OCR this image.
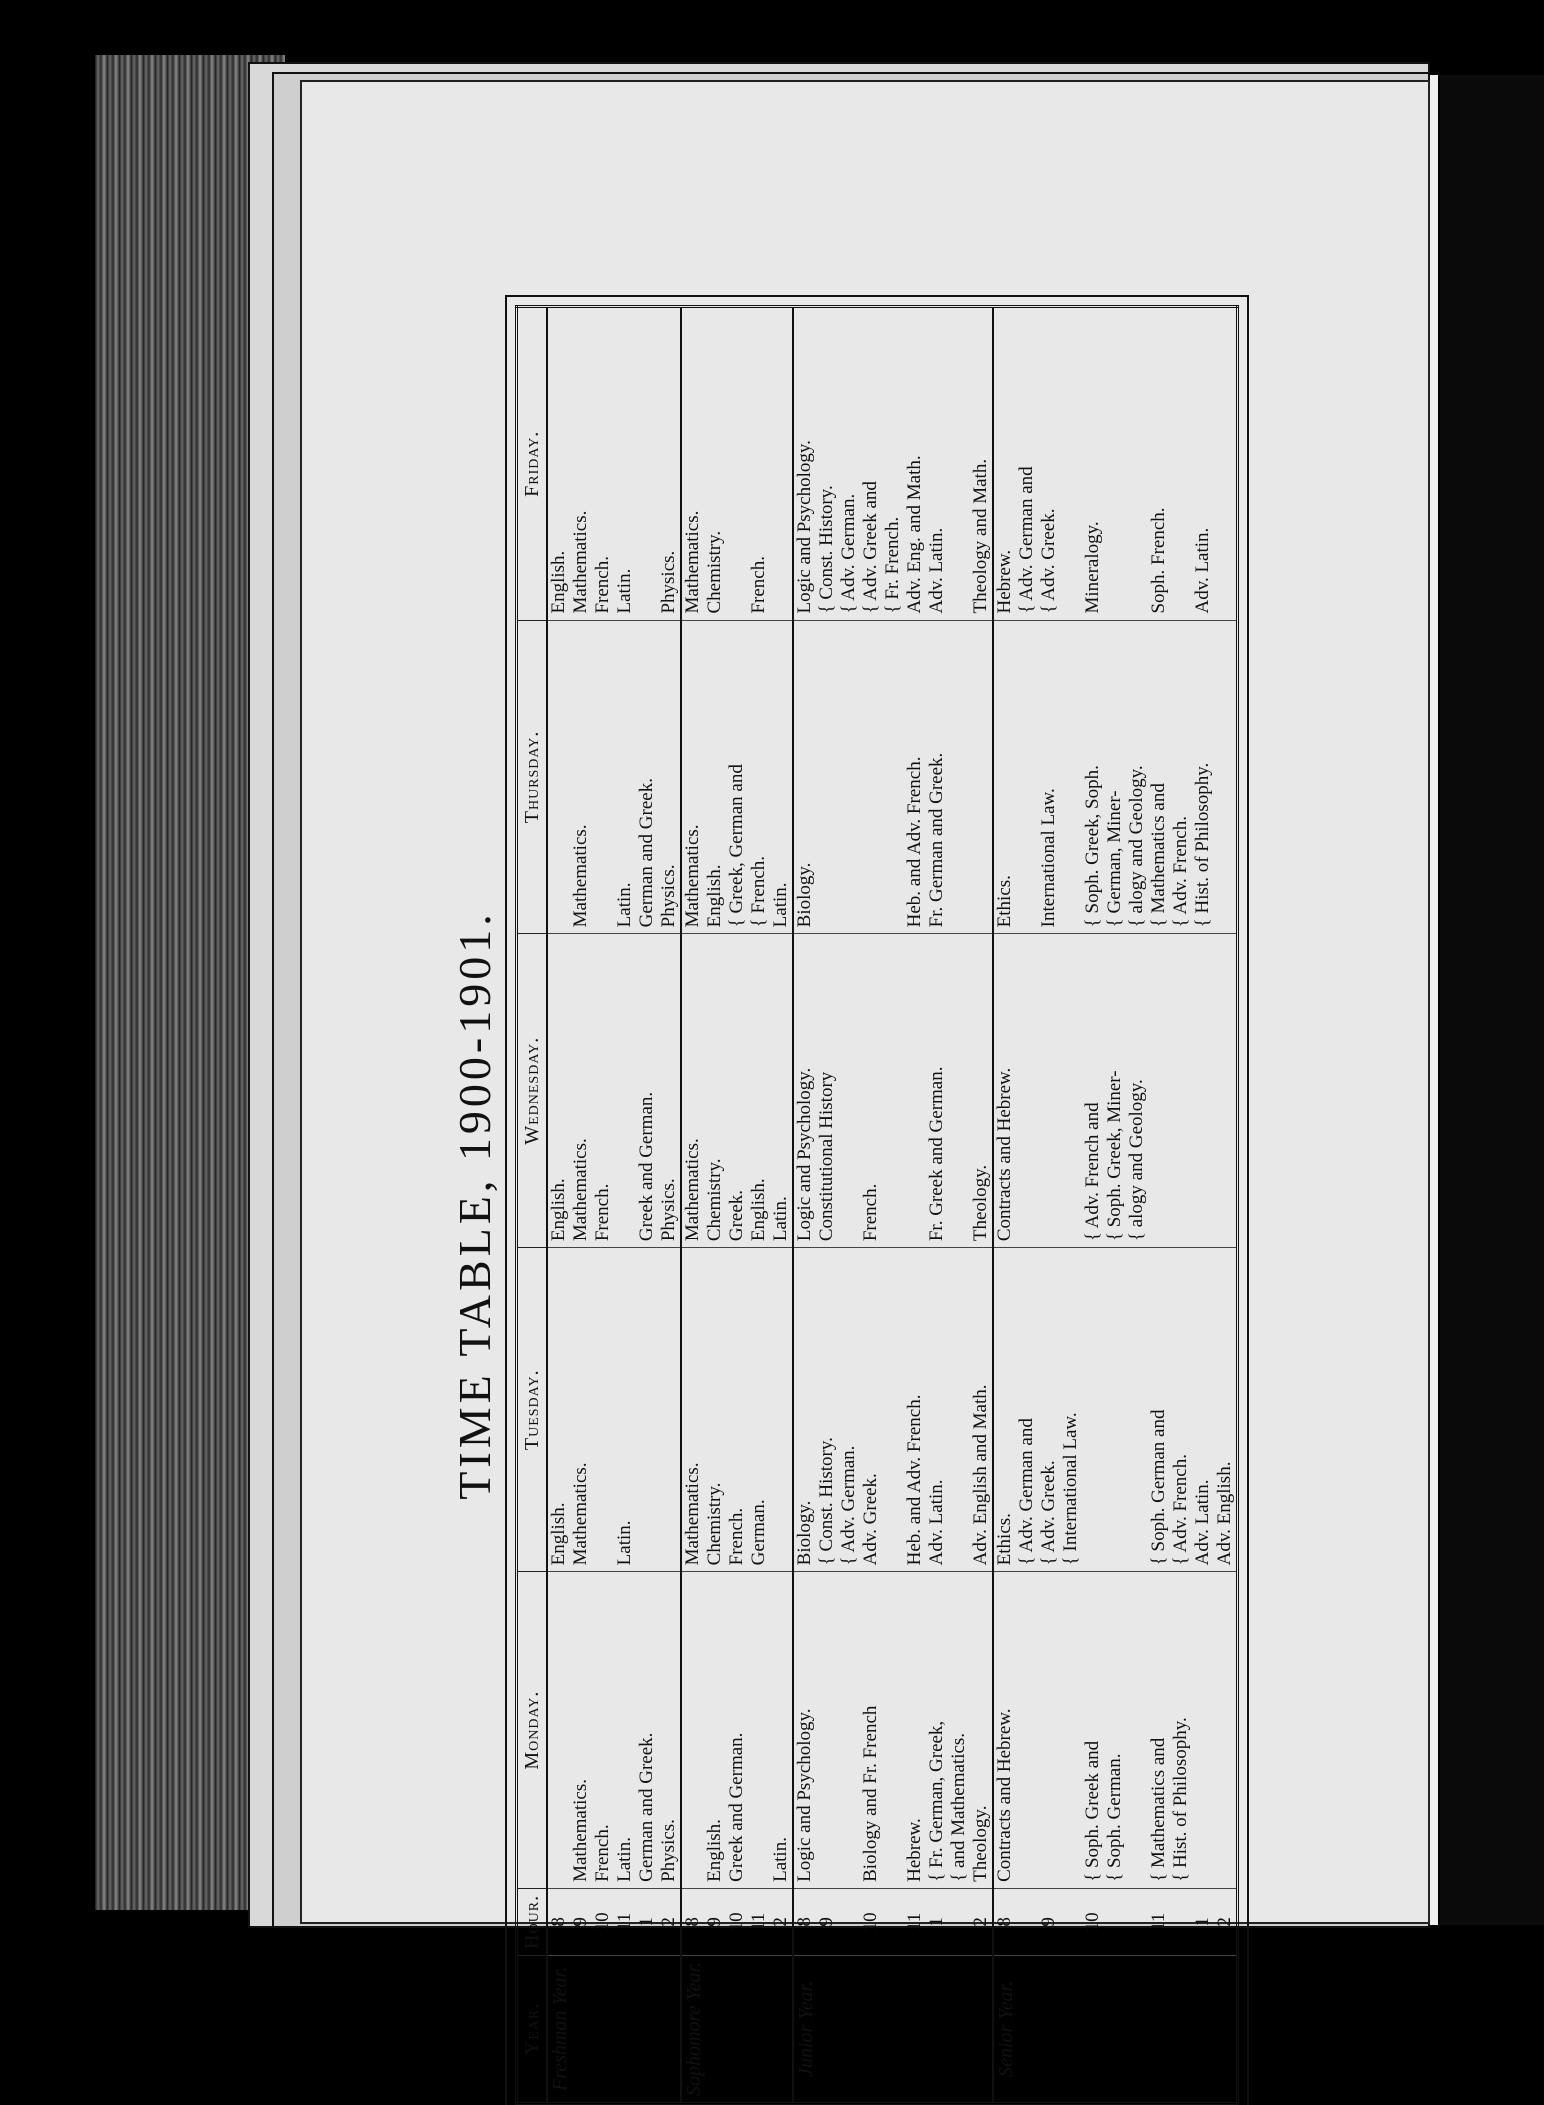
TIME TABLE, 1900-1901.
Year.	Hour.	Monday.	Tuesday.	Wednesday.	Thursday.	Friday.
Freshman Year.	8		English.	English.		English.
	9	Mathematics.	Mathematics.	Mathematics.	Mathematics.	Mathematics.
	10	French.		French.		French.
	11	Latin.	Latin.		Latin.	Latin.
	1	German and Greek.		Greek and German.	German and Greek.	
	2	Physics.		Physics.	Physics.	Physics.
Sophomore Year.	8		Mathematics.	Mathematics.	Mathematics.	Mathematics.
	9	English.	Chemistry.	Chemistry.	English.	Chemistry.
	10	Greek and German.	French.	Greek.	{ Greek, German and	
	11		German.	English.	{ French.	French.
	2	Latin.		Latin.	Latin.	
Junior Year.	8	Logic and Psychology.	Biology.	Logic and Psychology.	Biology.	Logic and Psychology.
	9		{ Const. History.	Constitutional History		{ Const. History.
			{ Adv. German.			{ Adv. German.
	10	Biology and Fr. French	Adv. Greek.	French.		{ Adv. Greek and
						{ Fr. French.
	11	Hebrew.	Heb. and Adv. French.		Heb. and Adv. French.	Adv. Eng. and Math.
	1	{ Fr. German, Greek,	Adv. Latin.	Fr. Greek and German.	Fr. German and Greek.	Adv. Latin.
		{ and Mathematics.				
	2	Theology.	Adv. English and Math.	Theology.		Theology and Math.
Senior Year.	8	Contracts and Hebrew.	Ethics.	Contracts and Hebrew.	Ethics.	Hebrew.
			{ Adv. German and			{ Adv. German and
	9		{ Adv. Greek.		International Law.	{ Adv. Greek.
			{ International Law.			
	10	{ Soph. Greek and		{ Adv. French and	{ Soph. Greek, Soph.	Mineralogy.
		{ Soph. German.		{ Soph. Greek, Miner-	{ German, Miner-	
				{ alogy and Geology.	{ alogy and Geology.	
	11	{ Mathematics and	{ Soph. German and		{ Mathematics and	Soph. French.
		{ Hist. of Philosophy.	{ Adv. French.		{ Adv. French.	
	1		Adv. Latin.		{ Hist. of Philosophy.	Adv. Latin.
	2		Adv. English.			
